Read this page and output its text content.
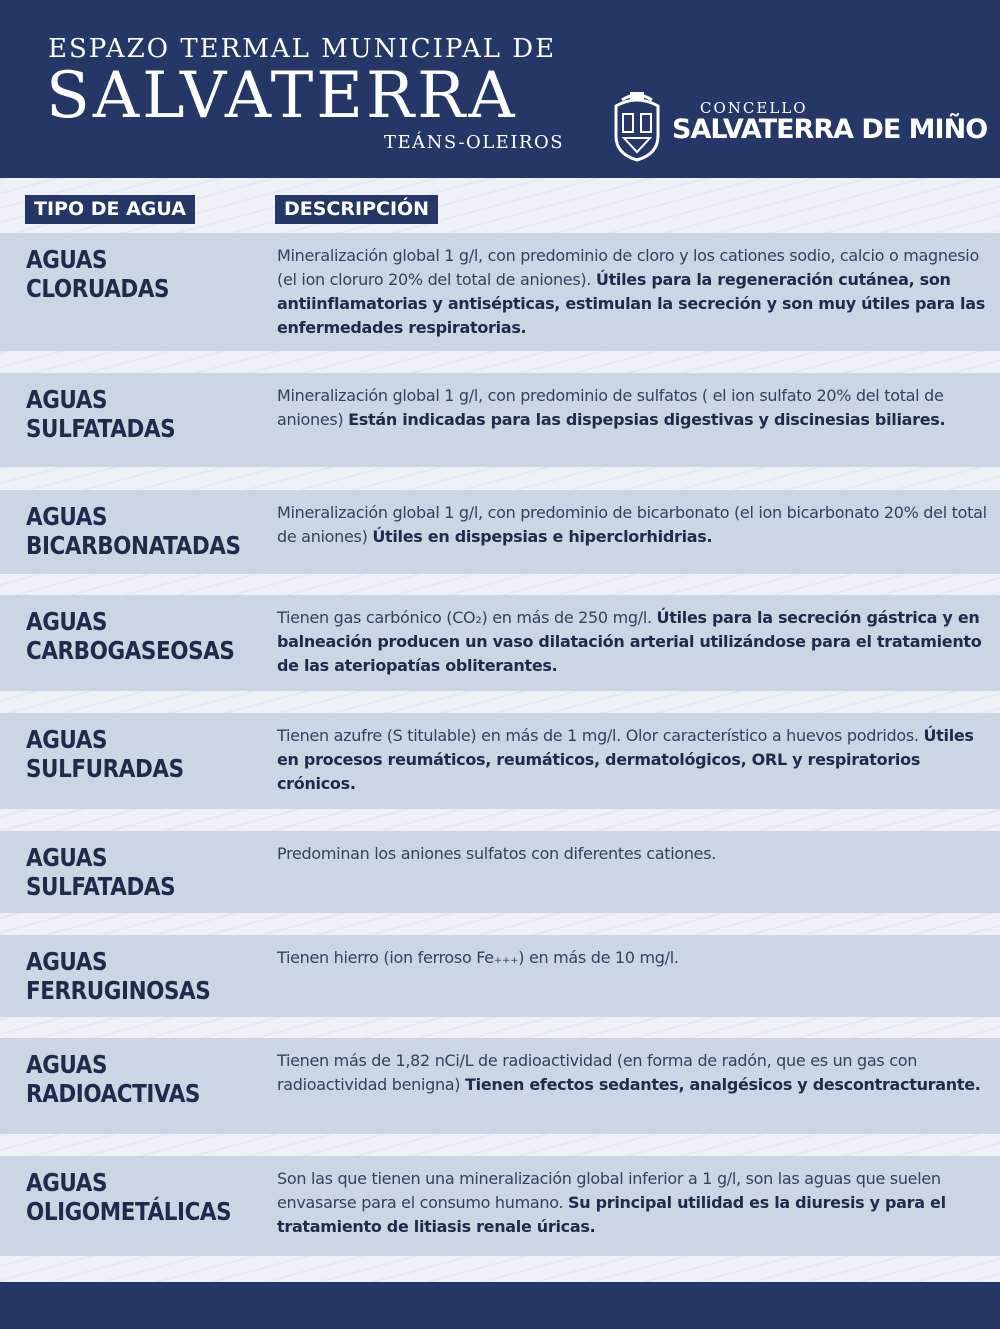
ESPAZO TERMAL MUNICIPAL DE
SALVATERRA
TEÁNS-OLEIROS
CONCELLO
SALVATERRA DE MIÑO
TIPO DE AGUA	DESCRIPCIÓN
AGUAS
CLORUADAS
Mineralización global 1 g/l, con predominio de cloro y los cationes sodio, calcio o magnesio (el ion cloruro 20% del total de aniones). Útiles para la regeneración cutánea, son antiinflamatorias y antisépticas, estimulan la secreción y son muy útiles para las enfermedades respiratorias.
AGUAS
SULFATADAS
Mineralización global 1 g/l, con predominio de sulfatos ( el ion sulfato 20% del total de aniones) Están indicadas para las dispepsias digestivas y discinesias biliares.
AGUAS
BICARBONATADAS
Mineralización global 1 g/l, con predominio de bicarbonato (el ion bicarbonato 20% del total de aniones) Útiles en dispepsias e hiperclorhidrias.
AGUAS
CARBOGASEOSAS
Tienen gas carbónico (CO₂) en más de 250 mg/l. Útiles para la secreción gástrica y en balneación producen un vaso dilatación arterial utilizándose para el tratamiento de las ateriopatías obliterantes.
AGUAS
SULFURADAS
Tienen azufre (S titulable) en más de 1 mg/l. Olor característico a huevos podridos. Útiles en procesos reumáticos, reumáticos, dermatológicos, ORL y respiratorios crónicos.
AGUAS
SULFATADAS
Predominan los aniones sulfatos con diferentes cationes.
AGUAS
FERRUGINOSAS
Tienen hierro (ion ferroso Fe₊₊₊) en más de 10 mg/l.
AGUAS
RADIOACTIVAS
Tienen más de 1,82 nCi/L de radioactividad (en forma de radón, que es un gas con radioactividad benigna) Tienen efectos sedantes, analgésicos y descontracturante.
AGUAS
OLIGOMETÁLICAS
Son las que tienen una mineralización global inferior a 1 g/l, son las aguas que suelen envasarse para el consumo humano. Su principal utilidad es la diuresis y para el tratamiento de litiasis renale úricas.
